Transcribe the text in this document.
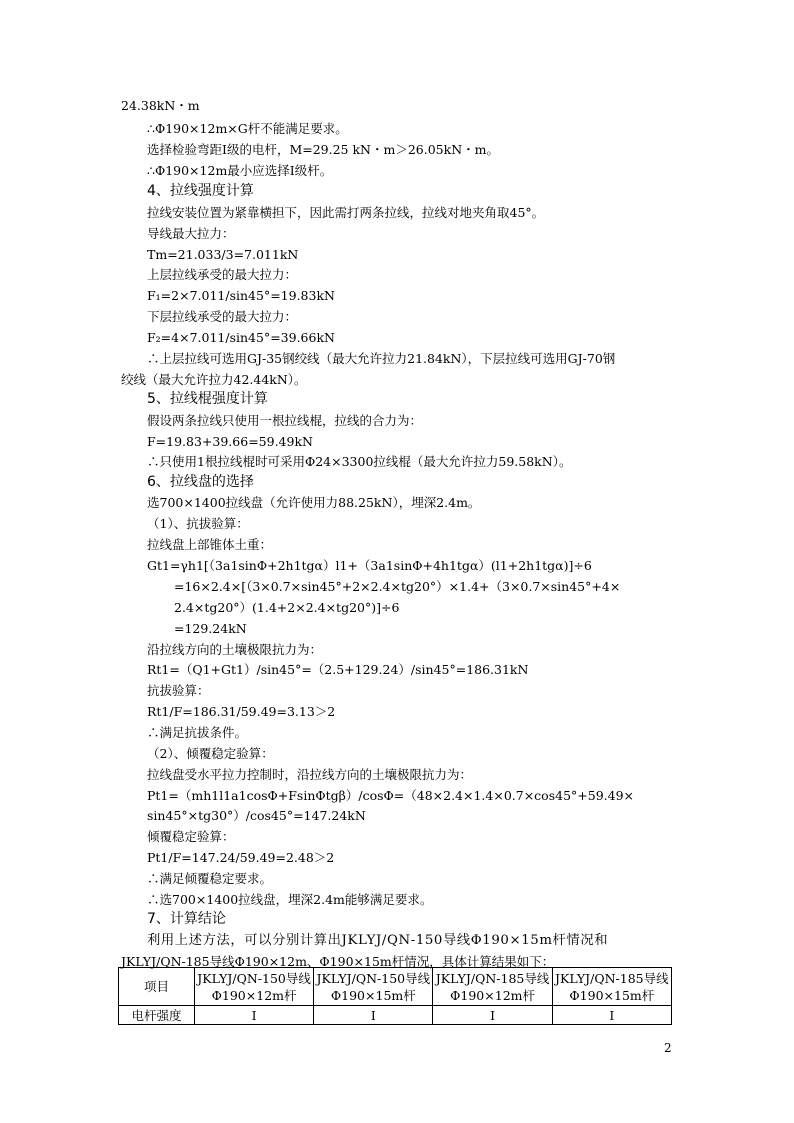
24.38kN・m
∴Φ190×12m×G杆不能满足要求。
选择检验弯距Ⅰ级的电杆，M=29.25 kN・m＞26.05kN・m。
∴Φ190×12m最小应选择Ⅰ级杆。
4、拉线强度计算
拉线安装位置为紧靠横担下，因此需打两条拉线，拉线对地夹角取45°。
导线最大拉力：
Tm=21.033/3=7.011kN
上层拉线承受的最大拉力：
F₁=2×7.011/sin45°=19.83kN
下层拉线承受的最大拉力：
F₂=4×7.011/sin45°=39.66kN
∴上层拉线可选用GJ-35钢绞线（最大允许拉力21.84kN），下层拉线可选用GJ-70钢
绞线（最大允许拉力42.44kN）。
5、拉线棍强度计算
假设两条拉线只使用一根拉线棍，拉线的合力为：
F=19.83+39.66=59.49kN
∴只使用1根拉线棍时可采用Φ24×3300拉线棍（最大允许拉力59.58kN）。
6、拉线盘的选择
选700×1400拉线盘（允许使用力88.25kN），埋深2.4m。
（1）、抗拔验算：
拉线盘上部锥体土重：
Gt1=γh1[（3a1sinΦ+2h1tgα）l1+（3a1sinΦ+4h1tgα）(l1+2h1tgα)]÷6
=16×2.4×[（3×0.7×sin45°+2×2.4×tg20°）×1.4+（3×0.7×sin45°+4×
2.4×tg20°）(1.4+2×2.4×tg20°)]÷6
=129.24kN
沿拉线方向的土壤极限抗力为：
Rt1=（Q1+Gt1）/sin45°=（2.5+129.24）/sin45°=186.31kN
抗拔验算：
Rt1/F=186.31/59.49=3.13＞2
∴满足抗拔条件。
（2）、倾覆稳定验算：
拉线盘受水平拉力控制时，沿拉线方向的土壤极限抗力为：
Pt1=（mh1l1a1cosΦ+FsinΦtgβ）/cosΦ=（48×2.4×1.4×0.7×cos45°+59.49×
sin45°×tg30°）/cos45°=147.24kN
倾覆稳定验算：
Pt1/F=147.24/59.49=2.48＞2
∴满足倾覆稳定要求。
∴选700×1400拉线盘，埋深2.4m能够满足要求。
7、计算结论
利用上述方法，可以分别计算出JKLYJ/QN-150导线Φ190×15m杆情况和
JKLYJ/QN-185导线Φ190×12m、Φ190×15m杆情况，具体计算结果如下：
项目	JKLYJ/QN-150导线Φ190×12m杆	JKLYJ/QN-150导线Φ190×15m杆	JKLYJ/QN-185导线Φ190×12m杆	JKLYJ/QN-185导线Φ190×15m杆
电杆强度	Ⅰ	Ⅰ	Ⅰ	Ⅰ
2
